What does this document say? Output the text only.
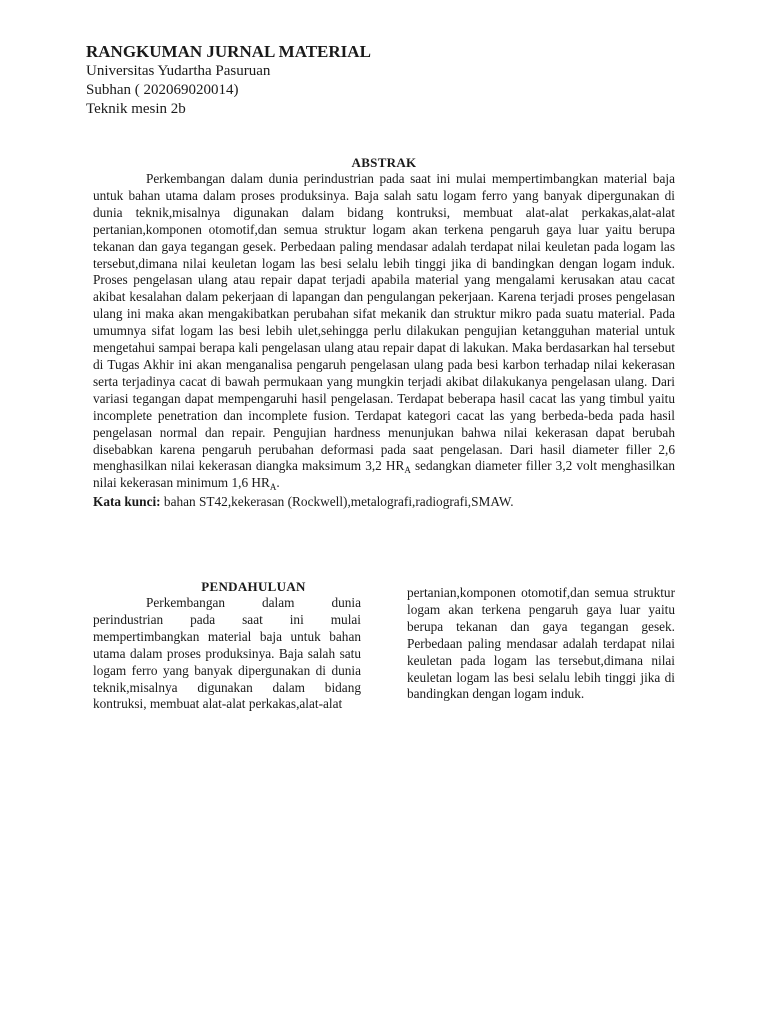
RANGKUMAN JURNAL MATERIAL

Universitas Yudartha Pasuruan

Subhan ( 202069020014)

Teknik mesin 2b

ABSTRAK

Perkembangan dalam dunia perindustrian pada saat ini mulai mempertimbangkan material baja untuk bahan utama dalam proses produksinya. Baja salah satu logam ferro yang banyak dipergunakan di dunia teknik,misalnya digunakan dalam bidang kontruksi, membuat alat-alat perkakas,alat-alat pertanian,komponen otomotif,dan semua struktur logam akan terkena pengaruh gaya luar yaitu berupa tekanan dan gaya tegangan gesek. Perbedaan paling mendasar adalah terdapat nilai keuletan pada logam las tersebut,dimana nilai keuletan logam las besi selalu lebih tinggi jika di bandingkan dengan logam induk. Proses pengelasan ulang atau repair dapat terjadi apabila material yang mengalami kerusakan atau cacat akibat kesalahan dalam pekerjaan di lapangan dan pengulangan pekerjaan. Karena terjadi proses pengelasan ulang ini maka akan mengakibatkan perubahan sifat mekanik dan struktur mikro pada suatu material. Pada umumnya sifat logam las besi lebih ulet,sehingga perlu dilakukan pengujian ketangguhan material untuk mengetahui sampai berapa kali pengelasan ulang atau repair dapat di lakukan. Maka berdasarkan hal tersebut di Tugas Akhir ini akan menganalisa pengaruh pengelasan ulang pada besi karbon terhadap nilai kekerasan serta terjadinya cacat di bawah permukaan yang mungkin terjadi akibat dilakukanya pengelasan ulang. Dari variasi tegangan dapat mempengaruhi hasil pengelasan. Terdapat beberapa hasil cacat las yang timbul yaitu incomplete penetration dan incomplete fusion. Terdapat kategori cacat las yang berbeda-beda pada hasil pengelasan normal dan repair. Pengujian hardness menunjukan bahwa nilai kekerasan dapat berubah disebabkan karena pengaruh perubahan deformasi pada saat pengelasan. Dari hasil diameter filler 2,6 menghasilkan nilai kekerasan diangka maksimum 3,2 $HR_A$ sedangkan diameter filler 3,2 volt menghasilkan nilai kekerasan minimum 1,6 $HR_A$.

Kata kunci: bahan ST42,kekerasan (Rockwell),metalografi,radiografi,SMAW.

PENDAHULUAN

Perkembangan dalam dunia perindustrian pada saat ini mulai mempertimbangkan material baja untuk bahan utama dalam proses produksinya. Baja salah satu logam ferro yang banyak dipergunakan di dunia teknik,misalnya digunakan dalam bidang kontruksi, membuat alat-alat perkakas,alat-alat

pertanian,komponen otomotif,dan semua struktur logam akan terkena pengaruh gaya luar yaitu berupa tekanan dan gaya tegangan gesek. Perbedaan paling mendasar adalah terdapat nilai keuletan pada logam las tersebut,dimana nilai keuletan logam las besi selalu lebih tinggi jika di bandingkan dengan logam induk.
